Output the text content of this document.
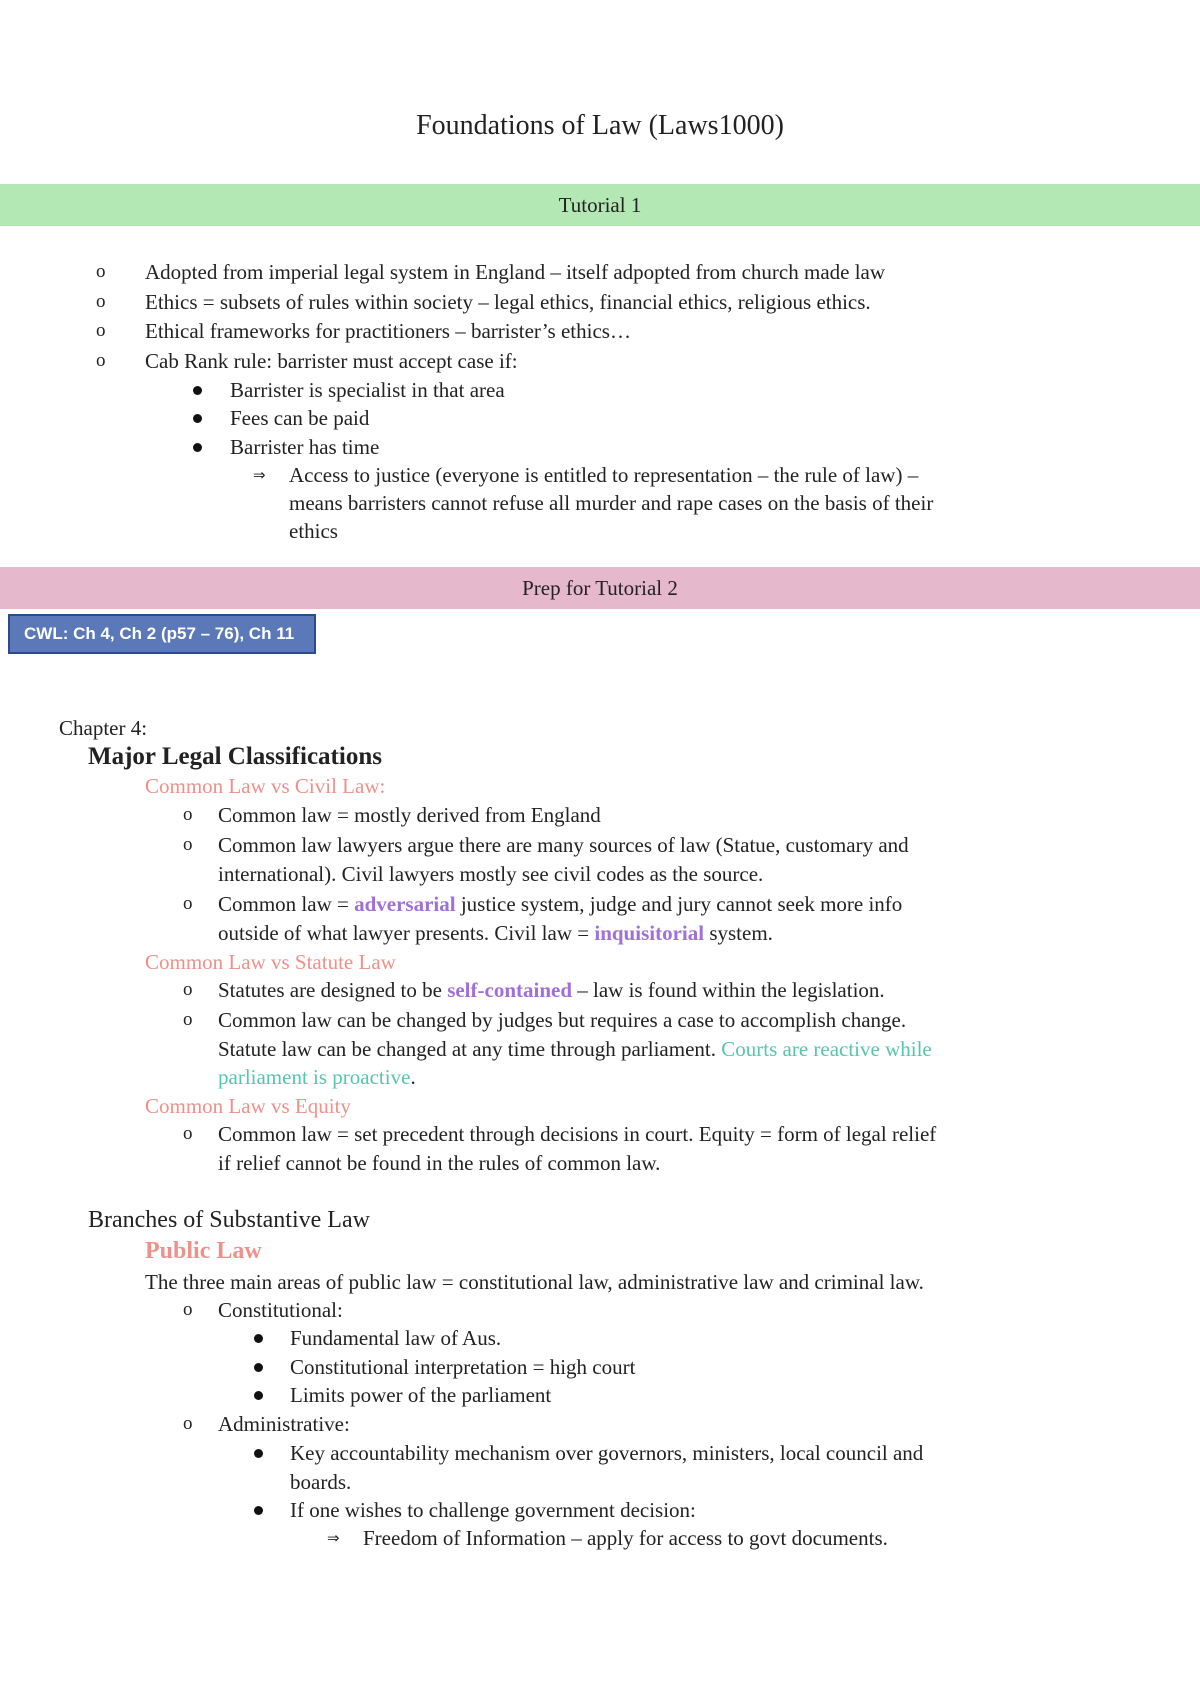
Foundations of Law (Laws1000)
Tutorial 1
o Adopted from imperial legal system in England – itself adpopted from church made law
o Ethics = subsets of rules within society – legal ethics, financial ethics, religious ethics.
o Ethical frameworks for practitioners – barrister’s ethics…
o Cab Rank rule: barrister must accept case if:
Barrister is specialist in that area
Fees can be paid
Barrister has time
⇒ Access to justice (everyone is entitled to representation – the rule of law) –
means barristers cannot refuse all murder and rape cases on the basis of their
ethics
Prep for Tutorial 2
CWL: Ch 4, Ch 2 (p57 – 76), Ch 11
Chapter 4:
Major Legal Classifications
Common Law vs Civil Law:
o Common law = mostly derived from England
o Common law lawyers argue there are many sources of law (Statue, customary and
international). Civil lawyers mostly see civil codes as the source.
o Common law = adversarial justice system, judge and jury cannot seek more info
outside of what lawyer presents. Civil law = inquisitorial system.
Common Law vs Statute Law
o Statutes are designed to be self-contained – law is found within the legislation.
o Common law can be changed by judges but requires a case to accomplish change.
Statute law can be changed at any time through parliament. Courts are reactive while
parliament is proactive.
Common Law vs Equity
o Common law = set precedent through decisions in court. Equity = form of legal relief
if relief cannot be found in the rules of common law.
Branches of Substantive Law
Public Law
The three main areas of public law = constitutional law, administrative law and criminal law.
o Constitutional:
Fundamental law of Aus.
Constitutional interpretation = high court
Limits power of the parliament
o Administrative:
Key accountability mechanism over governors, ministers, local council and
boards.
If one wishes to challenge government decision:
⇒ Freedom of Information – apply for access to govt documents.
